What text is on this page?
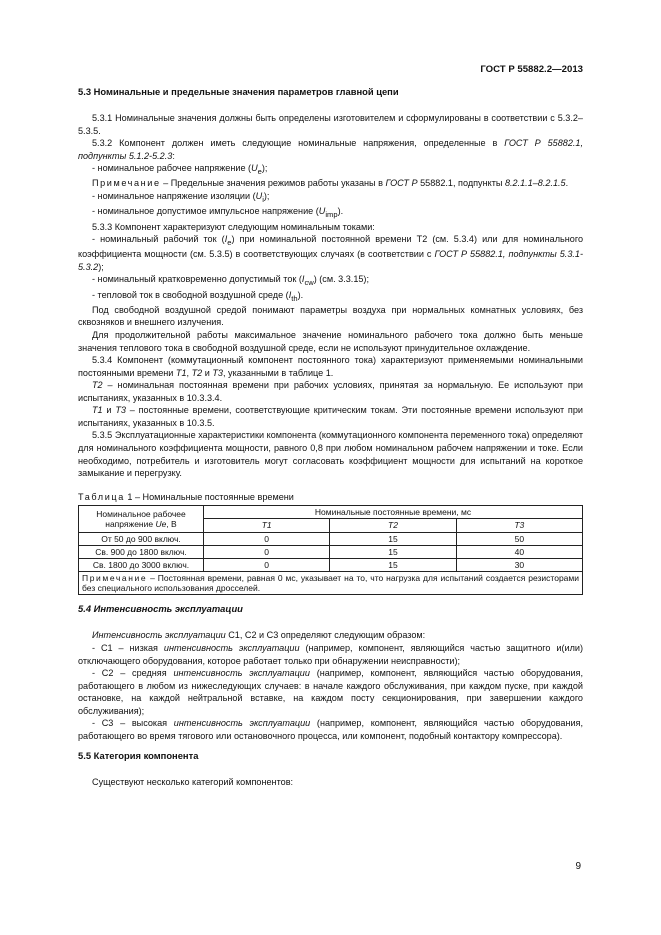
ГОСТ Р 55882.2—2013
5.3 Номинальные и предельные значения параметров главной цепи

5.3.1 Номинальные значения должны быть определены изготовителем и сформулированы в соответствии с 5.3.2–5.3.5.

5.3.2 Компонент должен иметь следующие номинальные напряжения, определенные в ГОСТ Р 55882.1, подпункты 5.1.2-5.2.3:

- номинальное рабочее напряжение $(U_e)$;

Примечание – Предельные значения режимов работы указаны в ГОСТ Р 55882.1, подпункты 8.2.1.1–8.2.1.5.

- номинальное напряжение изоляции $(U_i)$;

- номинальное допустимое импульсное напряжение $(U_{imp})$.

5.3.3 Компонент характеризуют следующим номинальным токами:

- номинальный рабочий ток $(I_e)$ при номинальной постоянной времени Т2 (см. 5.3.4) или для номинального коэффициента мощности (см. 5.3.5) в соответствующих случаях (в соответствии с ГОСТ Р 55882.1, подпункты 5.3.1-5.3.2);

- номинальный кратковременно допустимый ток $(I_{cw})$ (см. 3.3.15);

- тепловой ток в свободной воздушной среде $(I_{th})$.

Под свободной воздушной средой понимают параметры воздуха при нормальных комнатных условиях, без сквозняков и внешнего излучения.

Для продолжительной работы максимальное значение номинального рабочего тока должно быть меньше значения теплового тока в свободной воздушной среде, если не используют принудительное охлаждение.

5.3.4 Компонент (коммутационный компонент постоянного тока) характеризуют применяемыми номинальными постоянными времени Т1, Т2 и Т3, указанными в таблице 1.

Т2 – номинальная постоянная времени при рабочих условиях, принятая за нормальную. Ее используют при испытаниях, указанных в 10.3.3.4.

Т1 и Т3 – постоянные времени, соответствующие критическим токам. Эти постоянные времени используют при испытаниях, указанных в 10.3.5.

5.3.5 Эксплуатационные характеристики компонента (коммутационного компонента переменного тока) определяют для номинального коэффициента мощности, равного 0,8 при любом номинальном рабочем напряжении и токе. Если необходимо, потребитель и изготовитель могут согласовать коэффициент мощности для испытаний на короткое замыкание и перегрузку.

Таблица 1 – Номинальные постоянные времени
Номинальное рабочее напряжение Ue, В	Номинальные постоянные времени, мс		
	Т1	Т2	Т3
От 50 до 900 включ.	0	15	50
Св. 900 до 1800 включ.	0	15	40
Св. 1800 до 3000 включ.	0	15	30
Примечание – Постоянная времени, равная 0 мс, указывает на то, что нагрузка для испытаний создается резисторами без специального использования дросселей.			
5.4 Интенсивность эксплуатации

Интенсивность эксплуатации С1, С2 и С3 определяют следующим образом:

- С1 – низкая интенсивность эксплуатации (например, компонент, являющийся частью защитного и(или) отключающего оборудования, которое работает только при обнаружении неисправности);

- С2 – средняя интенсивность эксплуатации (например, компонент, являющийся частью оборудования, работающего в любом из нижеследующих случаев: в начале каждого обслуживания, при каждом пуске, при каждой остановке, на каждой нейтральной вставке, на каждом посту секционирования, при завершении каждого обслуживания);

- С3 – высокая интенсивность эксплуатации (например, компонент, являющийся частью оборудования, работающего во время тягового или остановочного процесса, или компонент, подобный контактору компрессора).

5.5 Категория компонента

Существуют несколько категорий компонентов:

9
